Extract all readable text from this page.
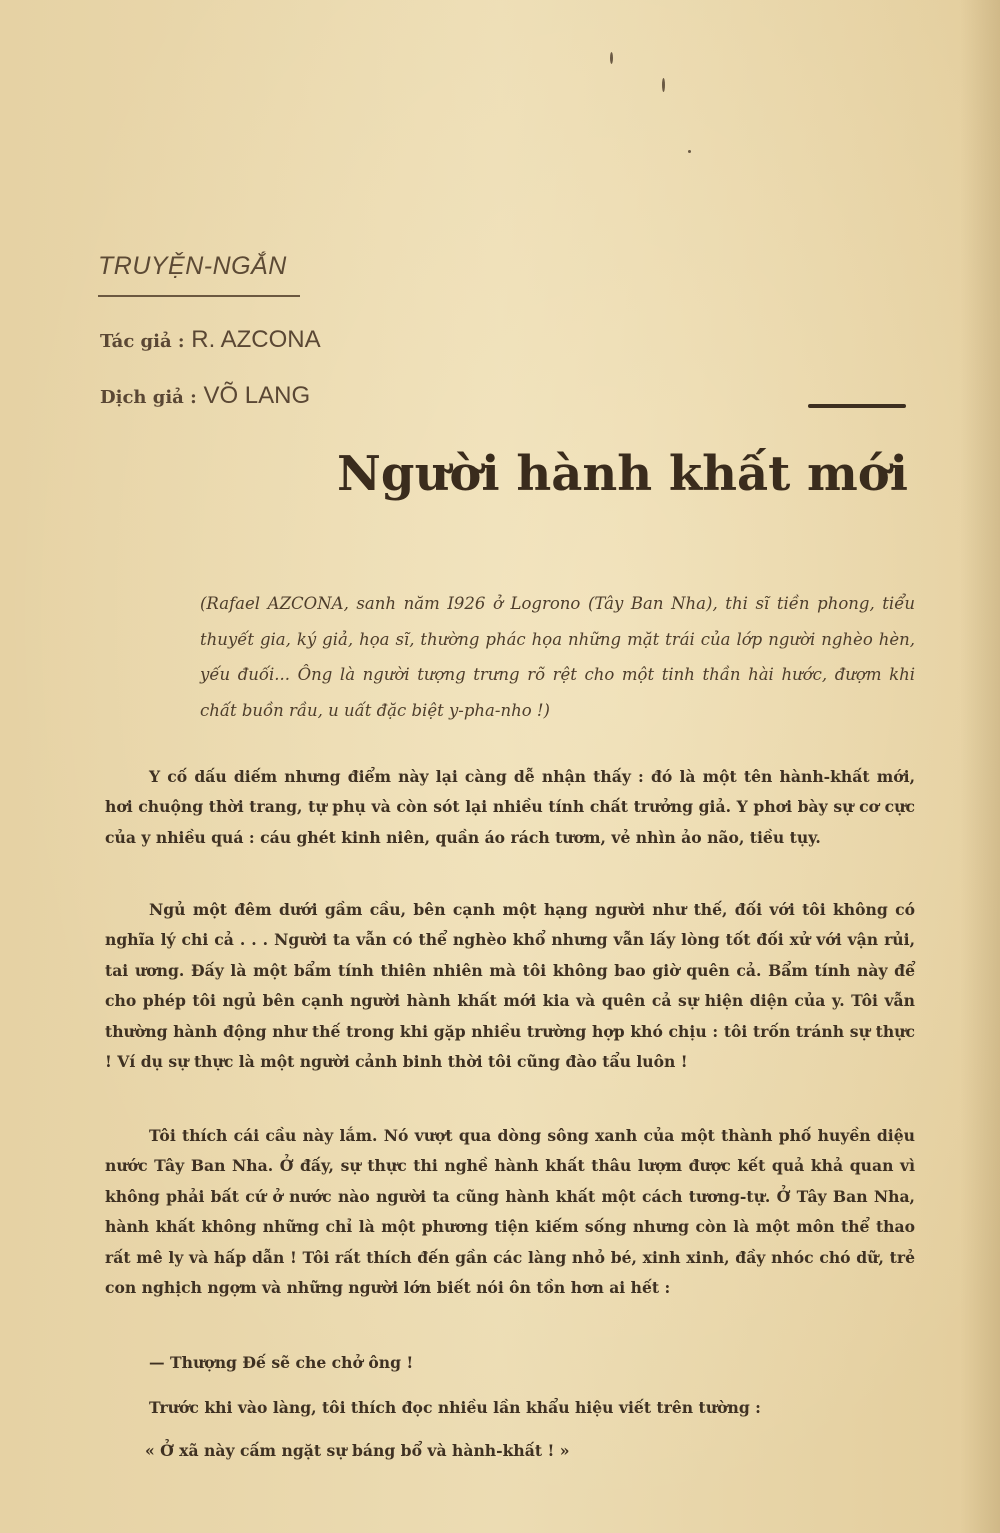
TRUYỆN-NGẮN
Tác giả : R. AZCONA
Dịch giả : VÕ LANG
Người hành khất mới

(Rafael AZCONA, sanh năm I926 ở Logrono (Tây Ban Nha), thi sĩ tiền phong, tiểu thuyết gia, ký giả, họa sĩ, thường phác họa những mặt trái của lớp người nghèo hèn, yếu đuối... Ông là người tượng trưng rõ rệt cho một tinh thần hài hước, đượm khi chất buồn rầu, u uất đặc biệt y-pha-nho !)

Y cố dấu diếm nhưng điểm này lại càng dễ nhận thấy : đó là một tên hành-khất mới, hơi chuộng thời trang, tự phụ và còn sót lại nhiều tính chất trưởng giả. Y phơi bày sự cơ cực của y nhiều quá : cáu ghét kinh niên, quần áo rách tươm, vẻ nhìn ảo não, tiều tụy.

Ngủ một đêm dưới gầm cầu, bên cạnh một hạng người như thế, đối với tôi không có nghĩa lý chi cả . . . Người ta vẫn có thể nghèo khổ nhưng vẫn lấy lòng tốt đối xử với vận rủi, tai ương. Đấy là một bẩm tính thiên nhiên mà tôi không bao giờ quên cả. Bẩm tính này để cho phép tôi ngủ bên cạnh người hành khất mới kia và quên cả sự hiện diện của y. Tôi vẫn thường hành động như thế trong khi gặp nhiều trường hợp khó chịu : tôi trốn tránh sự thực ! Ví dụ sự thực là một người cảnh binh thời tôi cũng đào tẩu luôn !

Tôi thích cái cầu này lắm. Nó vượt qua dòng sông xanh của một thành phố huyền diệu nước Tây Ban Nha. Ở đấy, sự thực thi nghề hành khất thâu lượm được kết quả khả quan vì không phải bất cứ ở nước nào người ta cũng hành khất một cách tương-tự. Ở Tây Ban Nha, hành khất không những chỉ là một phương tiện kiếm sống nhưng còn là một môn thể thao rất mê ly và hấp dẫn ! Tôi rất thích đến gần các làng nhỏ bé, xinh xinh, đầy nhóc chó dữ, trẻ con nghịch ngợm và những người lớn biết nói ôn tồn hơn ai hết :

— Thượng Đế sẽ che chở ông !

Trước khi vào làng, tôi thích đọc nhiều lần khẩu hiệu viết trên tường :

« Ở xã này cấm ngặt sự báng bổ và hành-khất ! »
